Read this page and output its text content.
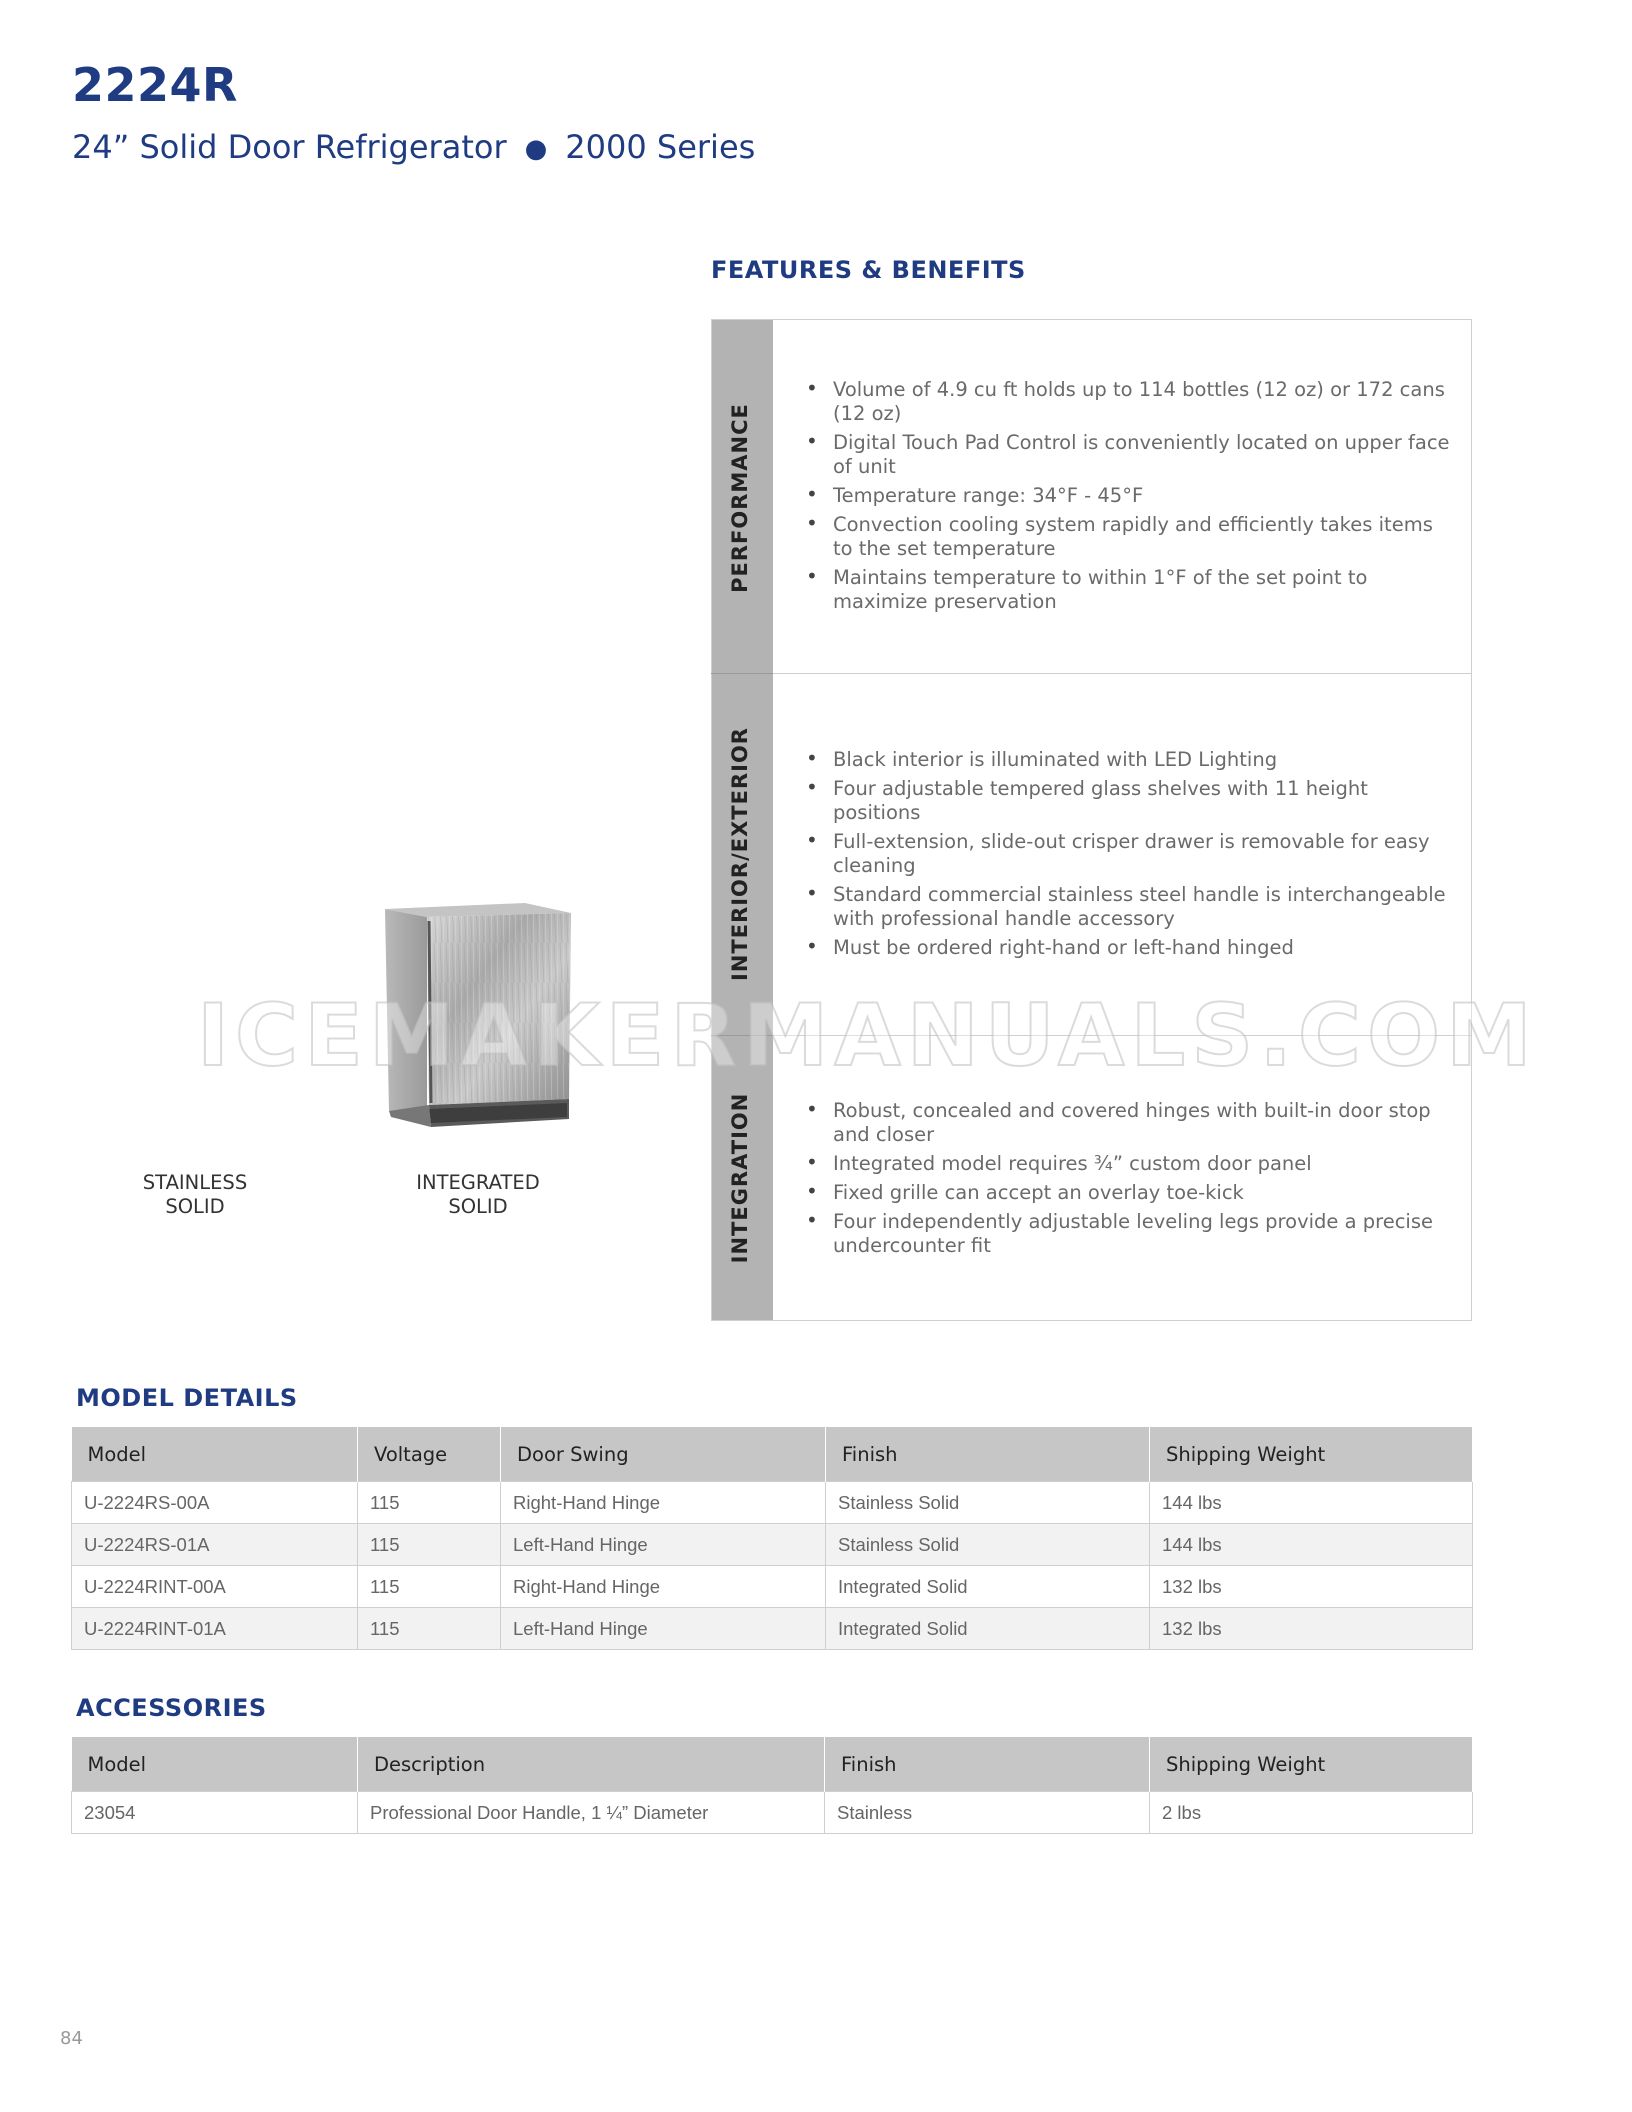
2224R
24” Solid Door Refrigerator ● 2000 Series
FEATURES & BENEFITS
PERFORMANCE
INTERIOR/EXTERIOR
INTEGRATION
• Volume of 4.9 cu ft holds up to 114 bottles (12 oz) or 172 cans (12 oz)
• Digital Touch Pad Control is conveniently located on upper face of unit
• Temperature range: 34°F - 45°F
• Convection cooling system rapidly and efficiently takes items to the set temperature
• Maintains temperature to within 1°F of the set point to maximize preservation
• Black interior is illuminated with LED Lighting
• Four adjustable tempered glass shelves with 11 height positions
• Full-extension, slide-out crisper drawer is removable for easy cleaning
• Standard commercial stainless steel handle is interchangeable with professional handle accessory
• Must be ordered right-hand or left-hand hinged
• Robust, concealed and covered hinges with built-in door stop and closer
• Integrated model requires ¾” custom door panel
• Fixed grille can accept an overlay toe-kick
• Four independently adjustable leveling legs provide a precise undercounter fit
STAINLESS
SOLID
INTEGRATED
SOLID
ICEMAKERMANUALS.COM
MODEL DETAILS
Model	Voltage	Door Swing	Finish	Shipping Weight
U-2224RS-00A	115	Right-Hand Hinge	Stainless Solid	144 lbs
U-2224RS-01A	115	Left-Hand Hinge	Stainless Solid	144 lbs
U-2224RINT-00A	115	Right-Hand Hinge	Integrated Solid	132 lbs
U-2224RINT-01A	115	Left-Hand Hinge	Integrated Solid	132 lbs
ACCESSORIES
Model	Description	Finish	Shipping Weight
23054	Professional Door Handle, 1 ¼” Diameter	Stainless	2 lbs
84
